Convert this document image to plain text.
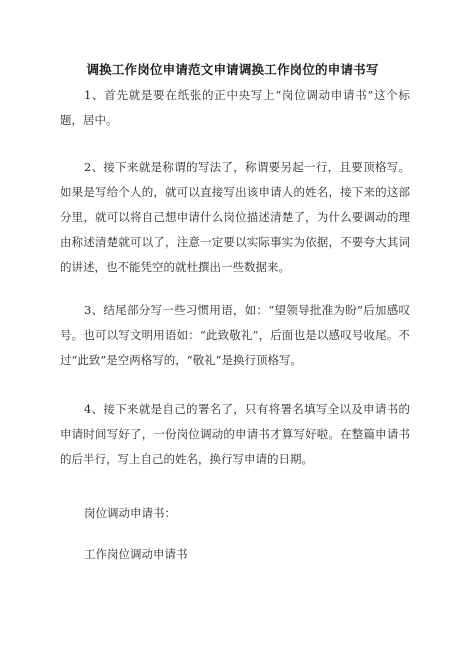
调换工作岗位申请范文申请调换工作岗位的申请书写

1、首先就是要在纸张的正中央写上“岗位调动申请书”这个标题，居中。

2、接下来就是称谓的写法了，称谓要另起一行，且要顶格写。如果是写给个人的，就可以直接写出该申请人的姓名，接下来的这部分里，就可以将自己想申请什么岗位描述清楚了，为什么要调动的理由称述清楚就可以了，注意一定要以实际事实为依据，不要夸大其词的讲述，也不能凭空的就杜撰出一些数据来。

3、结尾部分写一些习惯用语，如：“望领导批准为盼”后加感叹号。也可以写文明用语如：“此致敬礼”，后面也是以感叹号收尾。不过“此致”是空两格写的，“敬礼”是换行顶格写。

4、接下来就是自己的署名了，只有将署名填写全以及申请书的申请时间写好了，一份岗位调动的申请书才算写好啦。在整篇申请书的后半行，写上自己的姓名，换行写申请的日期。

岗位调动申请书：

工作岗位调动申请书
